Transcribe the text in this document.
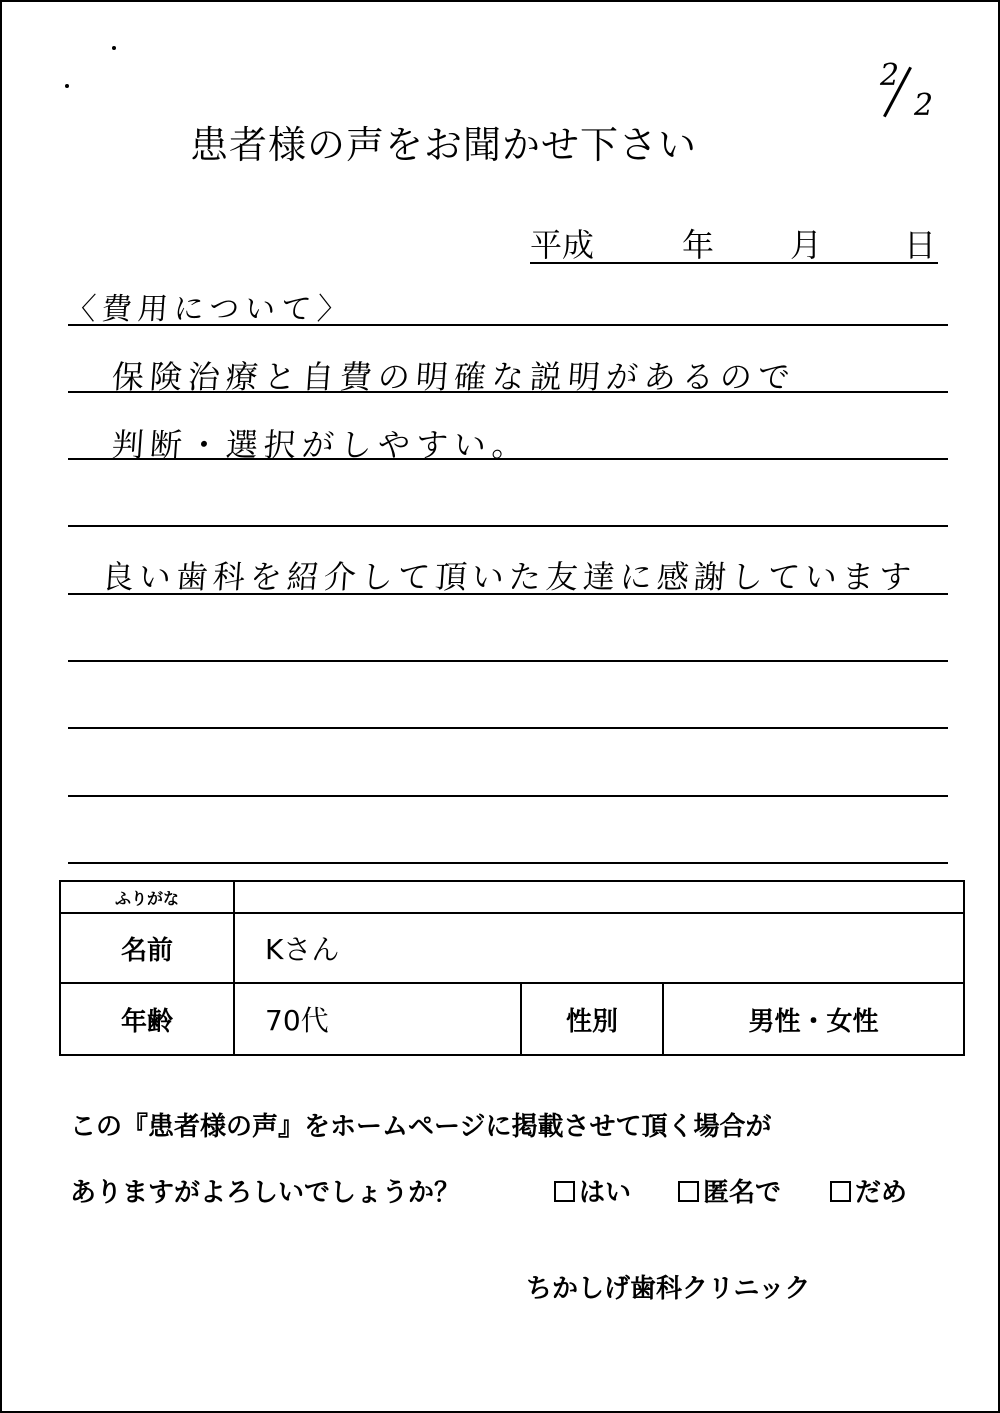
2
2
患者様の声をお聞かせ下さい
平成	年 月	日
〈費用について〉
保険治療と自費の明確な説明があるので
判断・選択がしやすい。
良い歯科を紹介して頂いた友達に感謝しています
ふりがな			
名前	Kさん		
年齢	70代	性別	男性・女性
この『患者様の声』をホームページに掲載させて頂く場合が
ありますがよろしいでしょうか？	はい	匿名で	だめ
ちかしげ歯科クリニック
